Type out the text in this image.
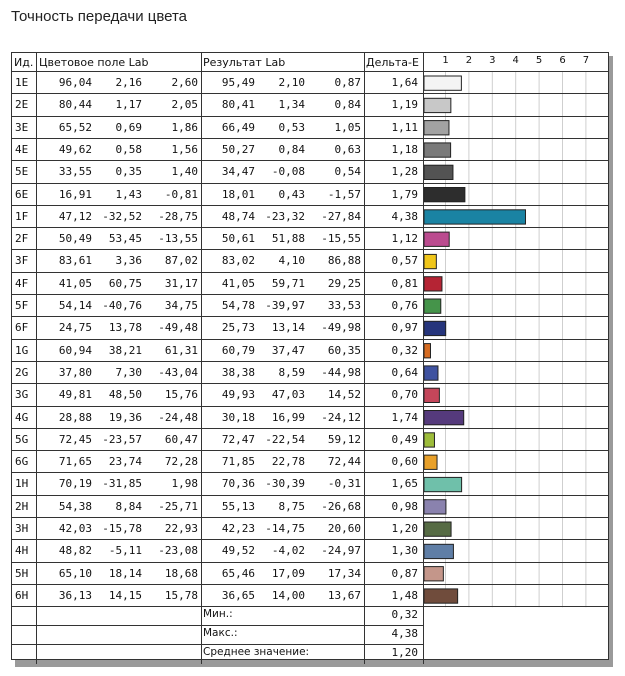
Точность передачи цвета
Ид. Цветовое поле Lab	Результат Lab	Дельта-E	1 2 3 4 5 6 7
1E	96,04	2,16	2,60	95,49	2,10	0,87	1,64
2E	80,44	1,17	2,05	80,41	1,34	0,84	1,19
3E	65,52	0,69	1,86	66,49	0,53	1,05	1,11
4E	49,62	0,58	1,56	50,27	0,84	0,63	1,18
5E	33,55	0,35	1,40	34,47	-0,08	0,54	1,28
6E	16,91	1,43	-0,81	18,01	0,43	-1,57	1,79
1F	47,12 -32,52	-28,75	48,74 -23,32	-27,84	4,38
2F	50,49	53,45	-13,55	50,61	51,88	-15,55	1,12
3F	83,61	3,36	87,02	83,02	4,10	86,88	0,57
4F	41,05	60,75	31,17	41,05	59,71	29,25	0,81
5F	54,14 -40,76	34,75	54,78 -39,97	33,53	0,76
6F	24,75	13,78	-49,48	25,73	13,14	-49,98	0,97
1G	60,94	38,21	61,31	60,79	37,47	60,35	0,32
2G	37,80	7,30	-43,04	38,38	8,59	-44,98	0,64
3G	49,81	48,50	15,76	49,93	47,03	14,52	0,70
4G	28,88	19,36	-24,48	30,18	16,99	-24,12	1,74
5G	72,45 -23,57	60,47	72,47 -22,54	59,12	0,49
6G	71,65	23,74	72,28	71,85	22,78	72,44	0,60
1H	70,19 -31,85	1,98	70,36 -30,39	-0,31	1,65
2H	54,38	8,84	-25,71	55,13	8,75	-26,68	0,98
3H	42,03 -15,78	22,93	42,23 -14,75	20,60	1,20
4H	48,82	-5,11	-23,08	49,52	-4,02	-24,97	1,30
5H	65,10	18,14	18,68	65,46	17,09	17,34	0,87
6H	36,13	14,15	15,78	36,65	14,00	13,67	1,48
Мин.:	0,32
Макс.:	4,38
Среднее значение:	1,20
